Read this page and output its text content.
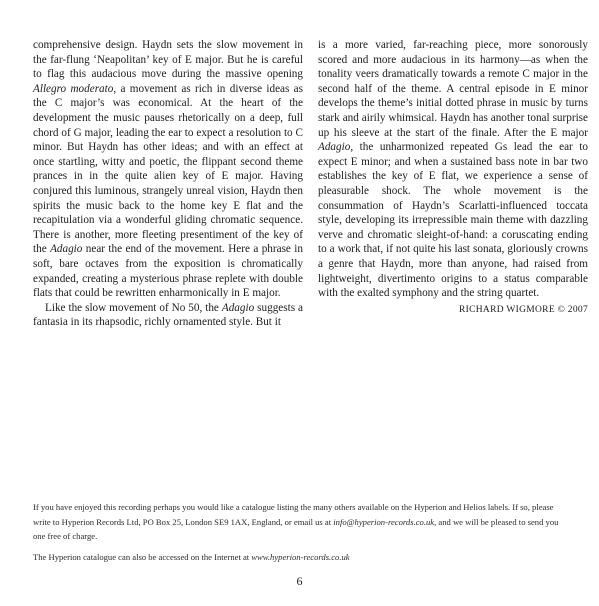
comprehensive design. Haydn sets the slow movement in the far-flung ‘Neapolitan’ key of E major. But he is careful to flag this audacious move during the massive opening Allegro moderato, a movement as rich in diverse ideas as the C major’s was economical. At the heart of the development the music pauses rhetorically on a deep, full chord of G major, leading the ear to expect a resolution to C minor. But Haydn has other ideas; and with an effect at once startling, witty and poetic, the flippant second theme prances in in the quite alien key of E major. Having conjured this luminous, strangely unreal vision, Haydn then spirits the music back to the home key E flat and the recapitulation via a wonderful gliding chromatic sequence. There is another, more fleeting presentiment of the key of the Adagio near the end of the movement. Here a phrase in soft, bare octaves from the exposition is chromatically expanded, creating a mysterious phrase replete with double flats that could be rewritten enharmonically in E major.

Like the slow movement of No 50, the Adagio suggests a fantasia in its rhapsodic, richly ornamented style. But it

is a more varied, far-reaching piece, more sonorously scored and more audacious in its harmony—as when the tonality veers dramatically towards a remote C major in the second half of the theme. A central episode in E minor develops the theme’s initial dotted phrase in music by turns stark and airily whimsical. Haydn has another tonal surprise up his sleeve at the start of the finale. After the E major Adagio, the unharmonized repeated Gs lead the ear to expect E minor; and when a sustained bass note in bar two establishes the key of E flat, we experience a sense of pleasurable shock. The whole movement is the consummation of Haydn’s Scarlatti-influenced toccata style, developing its irrepressible main theme with dazzling verve and chromatic sleight-of-hand: a coruscating ending to a work that, if not quite his last sonata, gloriously crowns a genre that Haydn, more than anyone, had raised from lightweight, divertimento origins to a status comparable with the exalted symphony and the string quartet.

RICHARD WIGMORE © 2007

If you have enjoyed this recording perhaps you would like a catalogue listing the many others available on the Hyperion and Helios labels. If so, please write to Hyperion Records Ltd, PO Box 25, London SE9 1AX, England, or email us at info@hyperion-records.co.uk, and we will be pleased to send you one free of charge.

The Hyperion catalogue can also be accessed on the Internet at www.hyperion-records.co.uk

6
